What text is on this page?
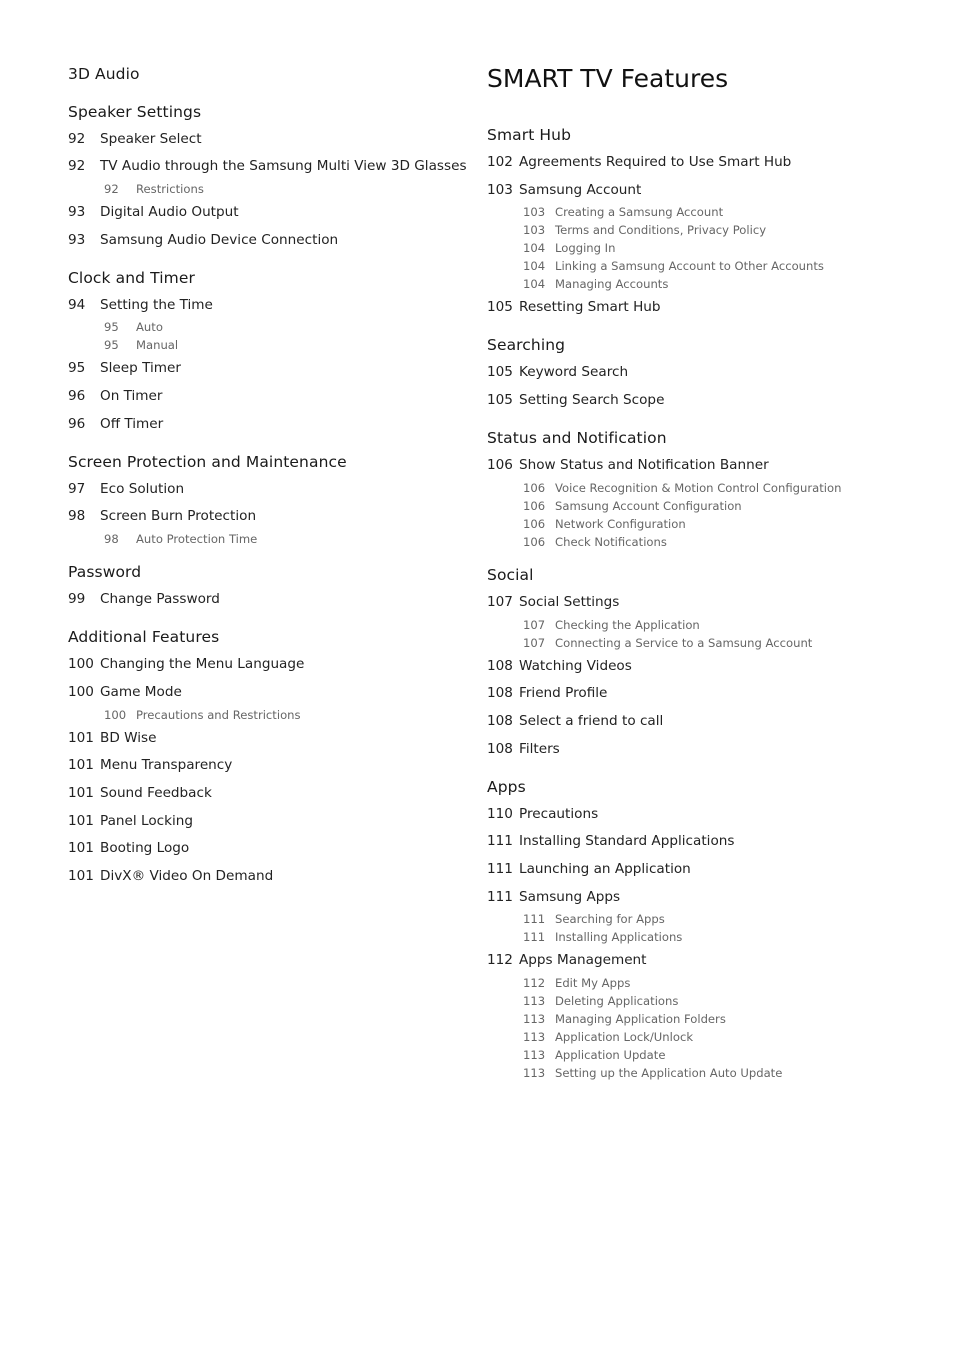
3D Audio
Speaker Settings
92 Speaker Select
92 TV Audio through the Samsung Multi View 3D Glasses
92 Restrictions
93 Digital Audio Output
93 Samsung Audio Device Connection
Clock and Timer
94 Setting the Time
95 Auto
95 Manual
95 Sleep Timer
96 On Timer
96 Off Timer
Screen Protection and Maintenance
97 Eco Solution
98 Screen Burn Protection
98 Auto Protection Time
Password
99 Change Password
Additional Features
100 Changing the Menu Language
100 Game Mode
100 Precautions and Restrictions
101 BD Wise
101 Menu Transparency
101 Sound Feedback
101 Panel Locking
101 Booting Logo
101 DivX® Video On Demand
SMART TV Features
Smart Hub
102 Agreements Required to Use Smart Hub
103 Samsung Account
103 Creating a Samsung Account
103 Terms and Conditions, Privacy Policy
104 Logging In
104 Linking a Samsung Account to Other Accounts
104 Managing Accounts
105 Resetting Smart Hub
Searching
105 Keyword Search
105 Setting Search Scope
Status and Notification
106 Show Status and Notification Banner
106 Voice Recognition & Motion Control Configuration
106 Samsung Account Configuration
106 Network Configuration
106 Check Notifications
Social
107 Social Settings
107 Checking the Application
107 Connecting a Service to a Samsung Account
108 Watching Videos
108 Friend Profile
108 Select a friend to call
108 Filters
Apps
110 Precautions
111 Installing Standard Applications
111 Launching an Application
111 Samsung Apps
111 Searching for Apps
111 Installing Applications
112 Apps Management
112 Edit My Apps
113 Deleting Applications
113 Managing Application Folders
113 Application Lock/Unlock
113 Application Update
113 Setting up the Application Auto Update
